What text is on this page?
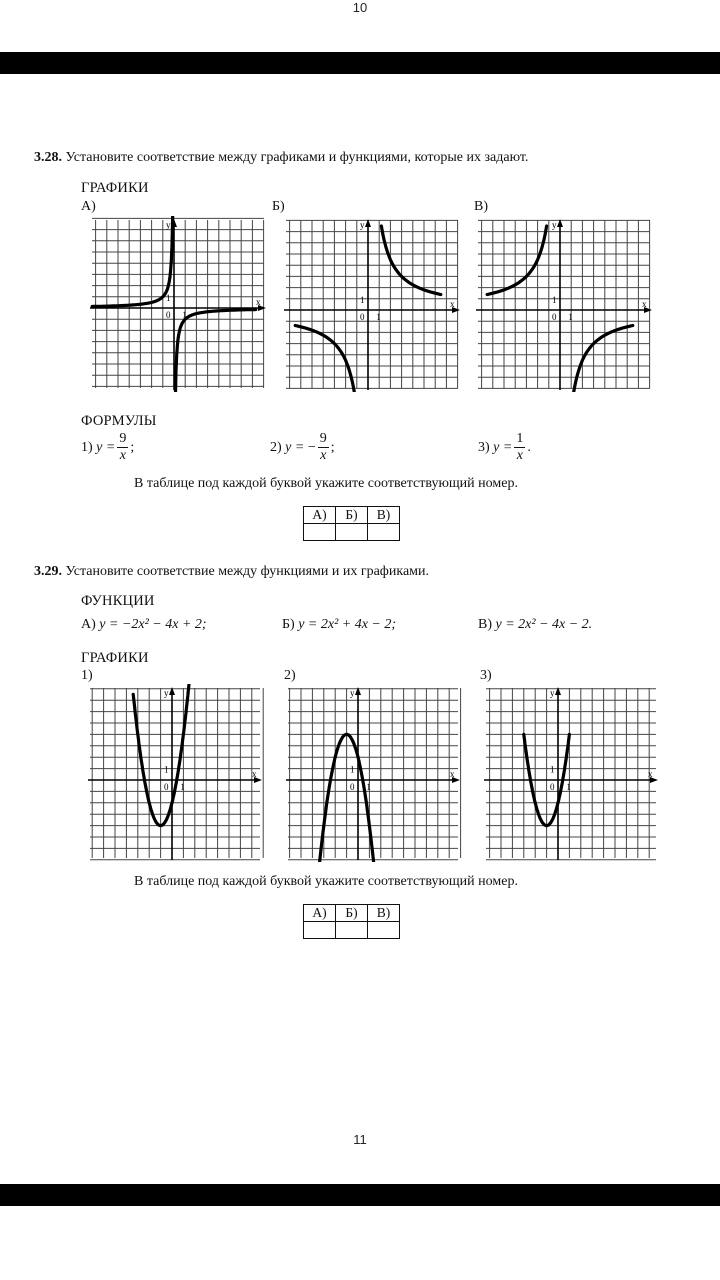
10
3.28. Установите соответствие между графиками и функциями, которые их задают.
ГРАФИКИ
А)	Б)	В)
x
y
0 1
1
x
y
0 1
1	x
y
0 1
1
ФОРМУЛЫ
1)
$y = \frac{9}{x}$ ;	2)
y =
− $\frac{9}{x}$ ;	3)
$y = \frac{1}{x}$ .
В таблице под каждой буквой укажите соответствующий номер.
А)	Б)	В)

3.29. Установите соответствие между функциями и их графиками.
ФУНКЦИИ
А) y = −2x² − 4x + 2;	Б) y = 2x² + 4x − 2;	В) y = 2x² − 4x − 2.
ГРАФИКИ
1)	2)	3)
x
y
0 1
1	x
y
0 1
1	x
y
0 1
1
В таблице под каждой буквой укажите соответствующий номер.
А)	Б)	В)

11
